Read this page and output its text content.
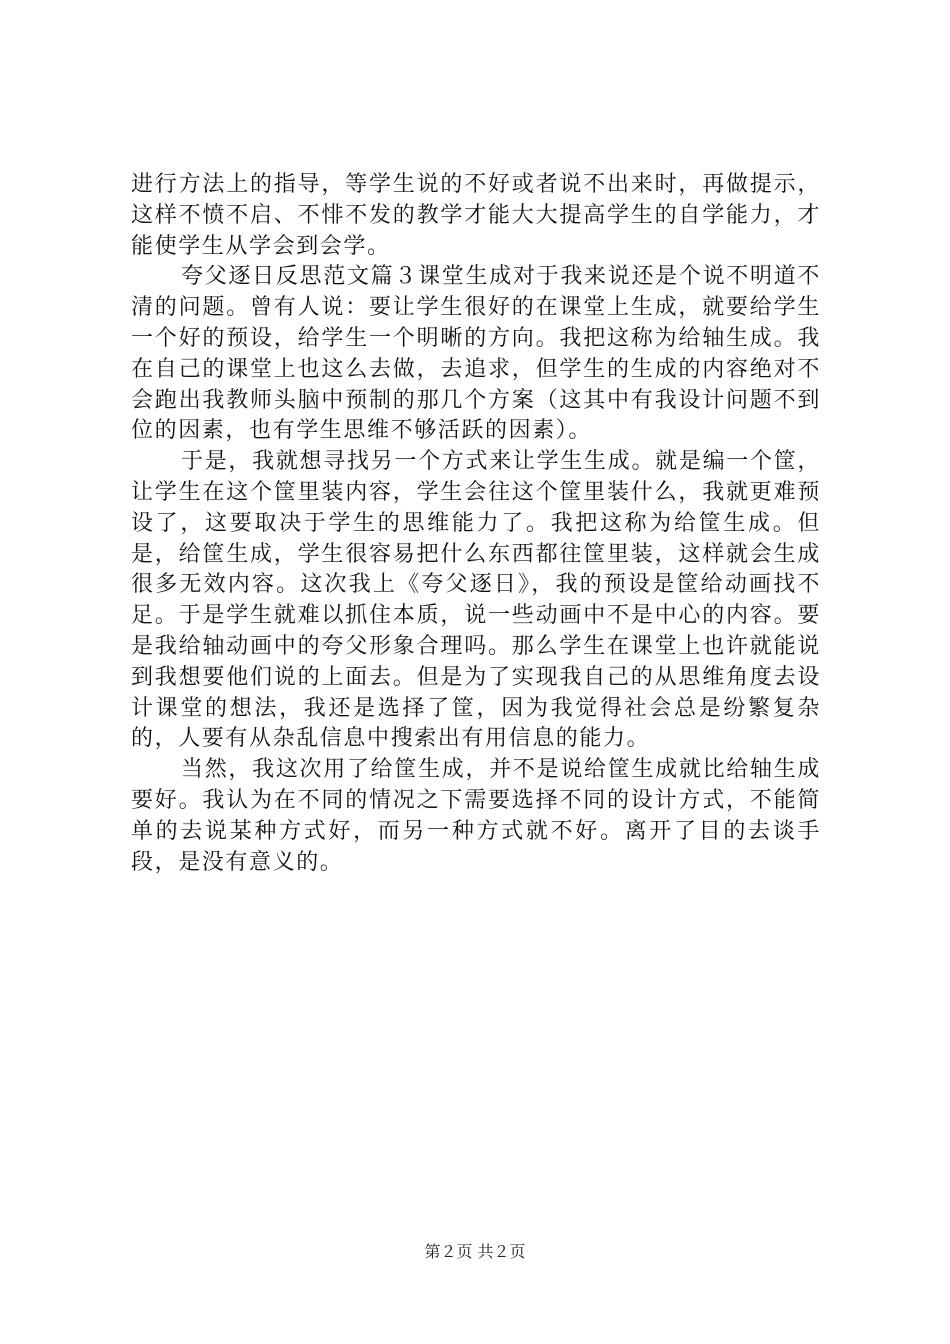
进行方法上的指导，等学生说的不好或者说不出来时，再做提示，这样不愤不启、不悱不发的教学才能大大提高学生的自学能力，才能使学生从学会到会学。

夸父逐日反思范文篇３课堂生成对于我来说还是个说不明道不清的问题。曾有人说：要让学生很好的在课堂上生成，就要给学生一个好的预设，给学生一个明晰的方向。我把这称为给轴生成。我在自己的课堂上也这么去做，去追求，但学生的生成的内容绝对不会跑出我教师头脑中预制的那几个方案（这其中有我设计问题不到位的因素，也有学生思维不够活跃的因素）。

于是，我就想寻找另一个方式来让学生生成。就是编一个筐，让学生在这个筐里装内容，学生会往这个筐里装什么，我就更难预设了，这要取决于学生的思维能力了。我把这称为给筐生成。但是，给筐生成，学生很容易把什么东西都往筐里装，这样就会生成很多无效内容。这次我上《夸父逐日》，我的预设是筐给动画找不足。于是学生就难以抓住本质，说一些动画中不是中心的内容。要是我给轴动画中的夸父形象合理吗。那么学生在课堂上也许就能说到我想要他们说的上面去。但是为了实现我自己的从思维角度去设计课堂的想法，我还是选择了筐，因为我觉得社会总是纷繁复杂的，人要有从杂乱信息中搜索出有用信息的能力。

当然，我这次用了给筐生成，并不是说给筐生成就比给轴生成要好。我认为在不同的情况之下需要选择不同的设计方式，不能简单的去说某种方式好，而另一种方式就不好。离开了目的去谈手段，是没有意义的。

第２页 共２页
